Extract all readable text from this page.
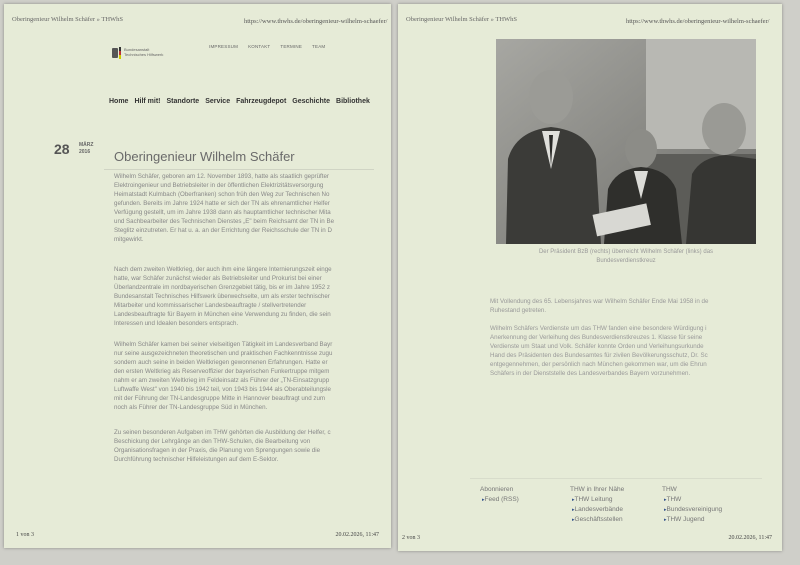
Oberingenieur Wilhelm Schäfer » THWhS	https://www.thwhs.de/oberingenieur-wilhelm-schaefer/
Bundesanstalt Technisches Hilfswerk
IMPRESSUM KONTAKT TERMINE TEAM
Home Hilf mit! Standorte Service Fahrzeugdepot Geschichte Bibliothek
28 MÄRZ
2016 Oberingenieur Wilhelm Schäfer
Wilhelm Schäfer, geboren am 12. November 1893, hatte als staatlich geprüfter
Elektroingenieur und Betriebsleiter in der öffentlichen Elektrizitätsversorgung
Heimatstadt Kulmbach (Oberfranken) schon früh den Weg zur Technischen No
gefunden. Bereits im Jahre 1924 hatte er sich der TN als ehrenamtlicher Helfer
Verfügung gestellt, um im Jahre 1938 dann als hauptamtlicher technischer Mita
und Sachbearbeiter des Technischen Dienstes „E" beim Reichsamt der TN in Be
Steglitz einzutreten. Er hat u. a. an der Errichtung der Reichsschule der TN in D
mitgewirkt.
Nach dem zweiten Weltkrieg, der auch ihm eine längere Internierungszeit einge
hatte, war Schäfer zunächst wieder als Betriebsleiter und Prokurist bei einer
Überlandzentrale im nordbayerischen Grenzgebiet tätig, bis er im Jahre 1952 z
Bundesanstalt Technisches Hilfswerk überwechselte, um als erster technischer
Mitarbeiter und kommissarischer Landesbeauftragte / stellvertretender
Landesbeauftragte für Bayern in München eine Verwendung zu finden, die sein
Interessen und Idealen besonders entsprach.
Wilhelm Schäfer kamen bei seiner vielseitigen Tätigkeit im Landesverband Bayr
nur seine ausgezeichneten theoretischen und praktischen Fachkenntnisse zugu
sondern auch seine in beiden Weltkriegen gewonnenen Erfahrungen. Hatte er
den ersten Weltkrieg als Reserveoffizier der bayerischen Funkertruppe mitgem
nahm er am zweiten Weltkrieg im Feldeinsatz als Führer der „TN-Einsatzgrupp
Luftwaffe West" von 1940 bis 1942 teil, von 1943 bis 1944 als Oberabteilungsle
mit der Führung der TN-Landesgruppe Mitte in Hannover beauftragt und zum
noch als Führer der TN-Landesgruppe Süd in München.
Zu seinen besonderen Aufgaben im THW gehörten die Ausbildung der Helfer, c
Beschickung der Lehrgänge an den THW-Schulen, die Bearbeitung von
Organisationsfragen in der Praxis, die Planung von Sprengungen sowie die
Durchführung technischer Hilfeleistungen auf dem E-Sektor.
1 von 3	20.02.2026, 11:47
Oberingenieur Wilhelm Schäfer » THWhS	https://www.thwhs.de/oberingenieur-wilhelm-schaefer/
Der Präsident BzB (rechts) überreicht Wilhelm Schäfer (links) das
Bundesverdienstkreuz
Mit Vollendung des 65. Lebensjahres war Wilhelm Schäfer Ende Mai 1958 in de
Ruhestand getreten.
Wilhelm Schäfers Verdienste um das THW fanden eine besondere Würdigung i
Anerkennung der Verleihung des Bundesverdienstkreuzes 1. Klasse für seine
Verdienste um Staat und Volk. Schäfer konnte Orden und Verleihungsurkunde
Hand des Präsidenten des Bundesamtes für zivilen Bevölkerungsschutz, Dr. Sc
entgegennehmen, der persönlich nach München gekommen war, um die Ehrun
Schäfers in der Dienststelle des Landesverbandes Bayern vorzunehmen.
Abonnieren
▸ Feed (RSS)
THW in Ihrer Nähe
▸ THW Leitung
▸ Landesverbände
▸ Geschäftsstellen
THW
▸ THW
▸ Bundesvereinigung
▸ THW Jugend
2 von 3	20.02.2026, 11:47
